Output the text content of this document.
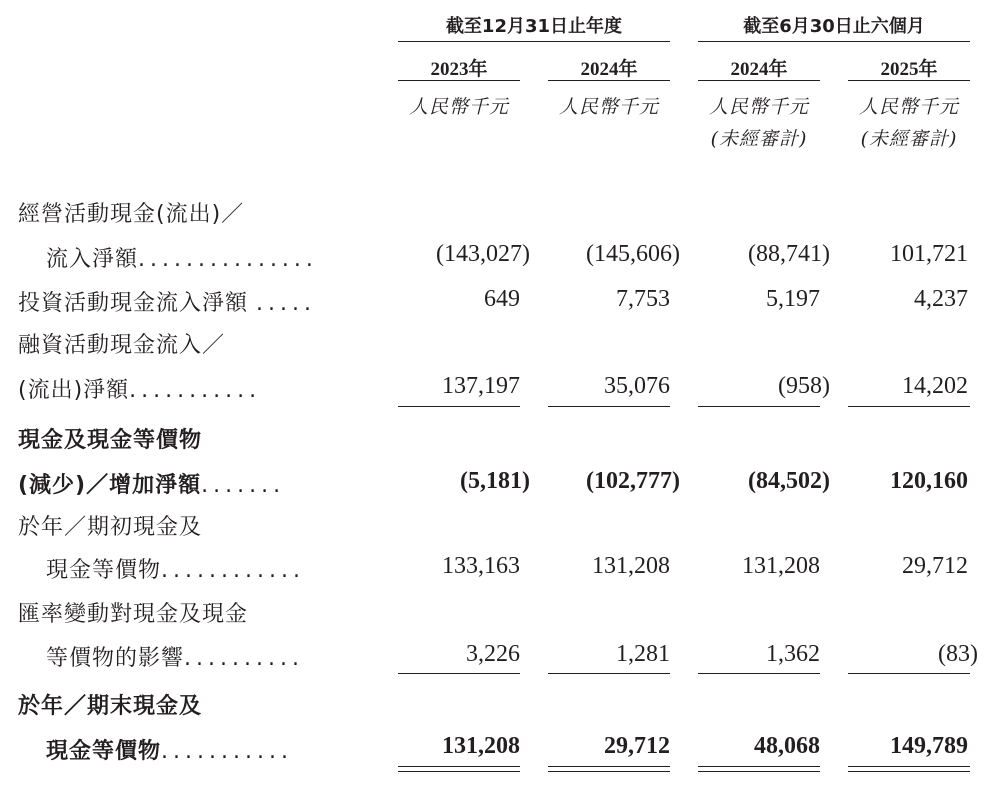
截至12月31日止年度	截至6月30日止六個月
2023年	2024年	2024年	2025年
人民幣千元	人民幣千元	人民幣千元	人民幣千元
(未經審計)	(未經審計)
經營活動現金(流出)／
流入淨額...............	(143,027)	(145,606)	(88,741)	101,721
投資活動現金流入淨額 .....	649	7,753	5,197	4,237
融資活動現金流入／
(流出)淨額...........	137,197	35,076	(958)	14,202
現金及現金等價物
(減少)／增加淨額.......	(5,181)	(102,777)	(84,502)	120,160
於年／期初現金及
現金等價物............	133,163	131,208	131,208	29,712
匯率變動對現金及現金
等價物的影響..........	3,226	1,281	1,362	(83)
於年／期末現金及
現金等價物...........	131,208	29,712	48,068	149,789
